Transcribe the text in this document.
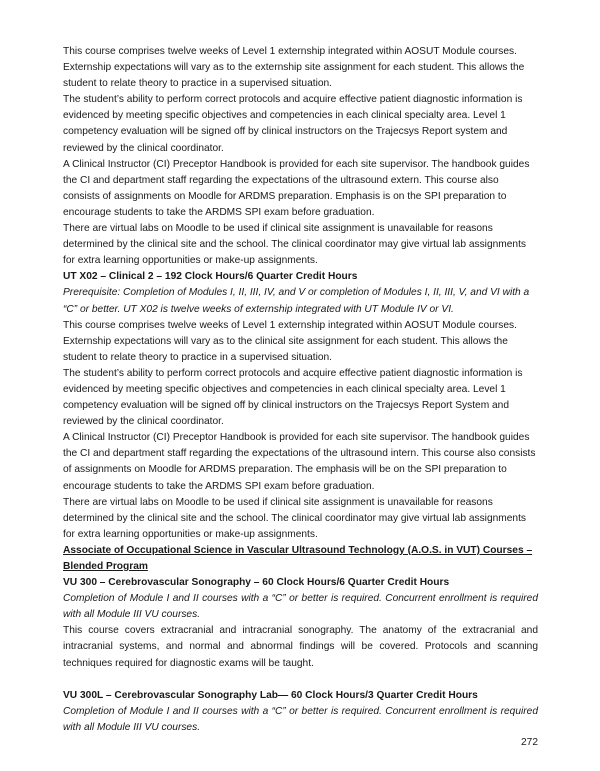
This course comprises twelve weeks of Level 1 externship integrated within AOSUT Module courses. Externship expectations will vary as to the externship site assignment for each student. This allows the student to relate theory to practice in a supervised situation.

The student’s ability to perform correct protocols and acquire effective patient diagnostic information is evidenced by meeting specific objectives and competencies in each clinical specialty area. Level 1 competency evaluation will be signed off by clinical instructors on the Trajecsys Report system and reviewed by the clinical coordinator.

A Clinical Instructor (CI) Preceptor Handbook is provided for each site supervisor. The handbook guides the CI and department staff regarding the expectations of the ultrasound extern. This course also consists of assignments on Moodle for ARDMS preparation. Emphasis is on the SPI preparation to encourage students to take the ARDMS SPI exam before graduation.

There are virtual labs on Moodle to be used if clinical site assignment is unavailable for reasons determined by the clinical site and the school. The clinical coordinator may give virtual lab assignments for extra learning opportunities or make-up assignments.

UT X02 – Clinical 2 – 192 Clock Hours/6 Quarter Credit Hours

Prerequisite: Completion of Modules I, II, III, IV, and V or completion of Modules I, II, III, V, and VI with a “C” or better. UT X02 is twelve weeks of externship integrated with UT Module IV or VI.

This course comprises twelve weeks of Level 1 externship integrated within AOSUT Module courses. Externship expectations will vary as to the clinical site assignment for each student. This allows the student to relate theory to practice in a supervised situation.

The student’s ability to perform correct protocols and acquire effective patient diagnostic information is evidenced by meeting specific objectives and competencies in each clinical specialty area. Level 1 competency evaluation will be signed off by clinical instructors on the Trajecsys Report System and reviewed by the clinical coordinator.

A Clinical Instructor (CI) Preceptor Handbook is provided for each site supervisor. The handbook guides the CI and department staff regarding the expectations of the ultrasound intern. This course also consists of assignments on Moodle for ARDMS preparation. The emphasis will be on the SPI preparation to encourage students to take the ARDMS SPI exam before graduation.

There are virtual labs on Moodle to be used if clinical site assignment is unavailable for reasons determined by the clinical site and the school. The clinical coordinator may give virtual lab assignments for extra learning opportunities or make-up assignments.

Associate of Occupational Science in Vascular Ultrasound Technology (A.O.S. in VUT) Courses – Blended Program

VU 300 – Cerebrovascular Sonography – 60 Clock Hours/6 Quarter Credit Hours

Completion of Module I and II courses with a “C” or better is required. Concurrent enrollment is required with all Module III VU courses.

This course covers extracranial and intracranial sonography. The anatomy of the extracranial and intracranial systems, and normal and abnormal findings will be covered. Protocols and scanning techniques required for diagnostic exams will be taught.

VU 300L – Cerebrovascular Sonography Lab— 60 Clock Hours/3 Quarter Credit Hours

Completion of Module I and II courses with a “C” or better is required. Concurrent enrollment is required with all Module III VU courses.

272
